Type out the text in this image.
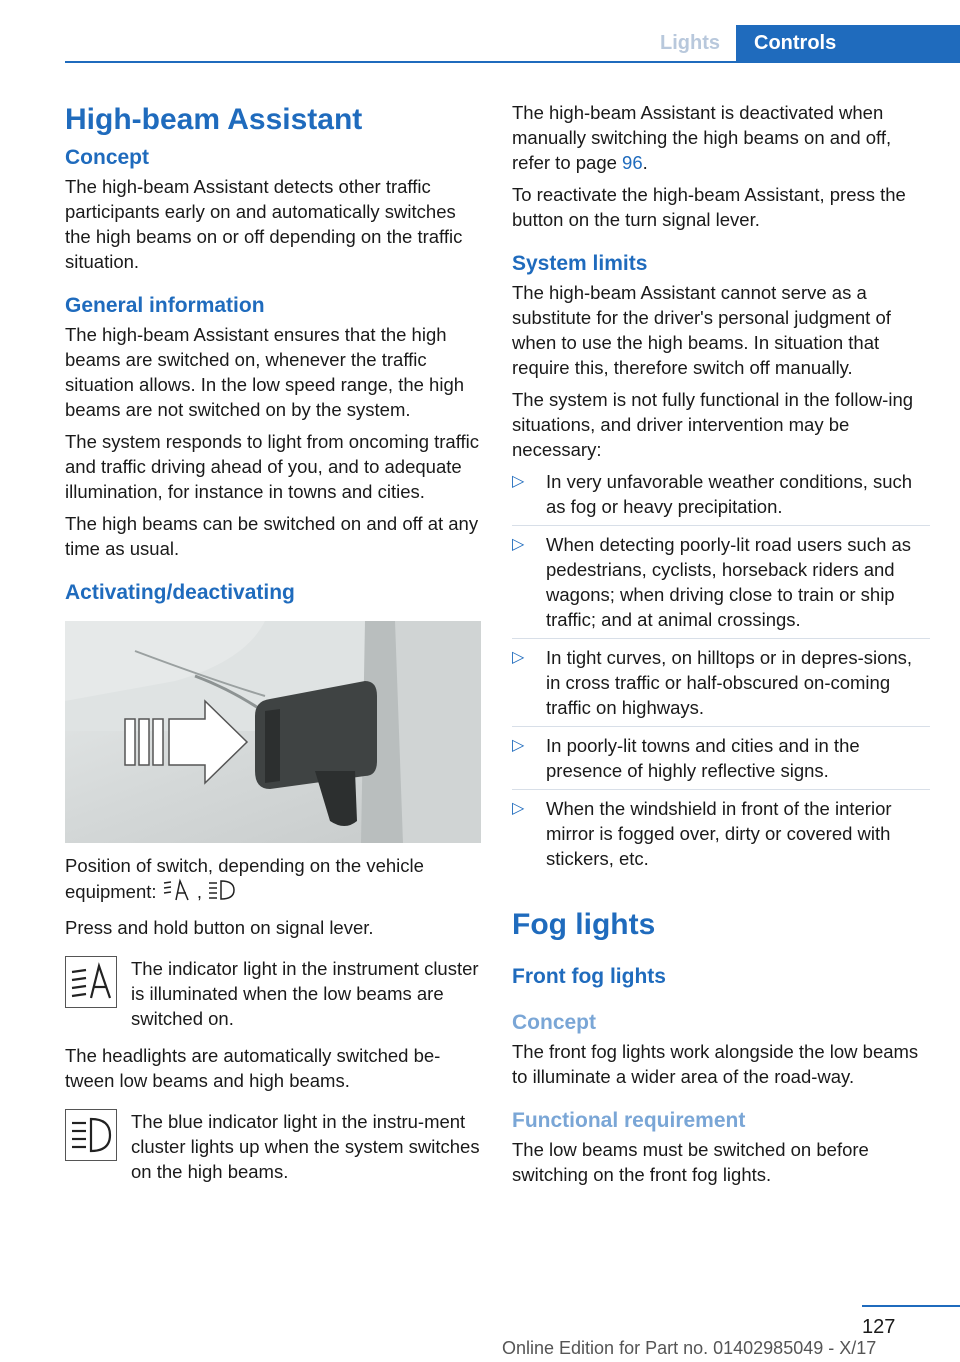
Lights	Controls
High-beam Assistant
Concept

The high-beam Assistant detects other traffic participants early on and automatically switches the high beams on or off depending on the traffic situation.

General information

The high-beam Assistant ensures that the high beams are switched on, whenever the traffic situation allows. In the low speed range, the high beams are not switched on by the system.

The system responds to light from oncoming traffic and traffic driving ahead of you, and to adequate illumination, for instance in towns and cities.

The high beams can be switched on and off at any time as usual.

Activating/deactivating

Position of switch, depending on the vehicle equipment: ,

Press and hold button on signal lever.

The indicator light in the instrument cluster is illuminated when the low beams are switched on.

The headlights are automatically switched be-tween low beams and high beams.

The blue indicator light in the instru-ment cluster lights up when the system switches on the high beams.

The high-beam Assistant is deactivated when manually switching the high beams on and off, refer to page 96.

To reactivate the high-beam Assistant, press the button on the turn signal lever.

System limits

The high-beam Assistant cannot serve as a substitute for the driver's personal judgment of when to use the high beams. In situation that require this, therefore switch off manually.

The system is not fully functional in the follow-ing situations, and driver intervention may be necessary:

▷ In very unfavorable weather conditions, such as fog or heavy precipitation.
▷ When detecting poorly-lit road users such as pedestrians, cyclists, horseback riders and wagons; when driving close to train or ship traffic; and at animal crossings.
▷ In tight curves, on hilltops or in depres-sions, in cross traffic or half-obscured on-coming traffic on highways.
▷ In poorly-lit towns and cities and in the presence of highly reflective signs.
▷ When the windshield in front of the interior mirror is fogged over, dirty or covered with stickers, etc.
Fog lights
Front fog lights
Concept

The front fog lights work alongside the low beams to illuminate a wider area of the road-way.

Functional requirement

The low beams must be switched on before switching on the front fog lights.

127
Online Edition for Part no. 01402985049 - X/17
